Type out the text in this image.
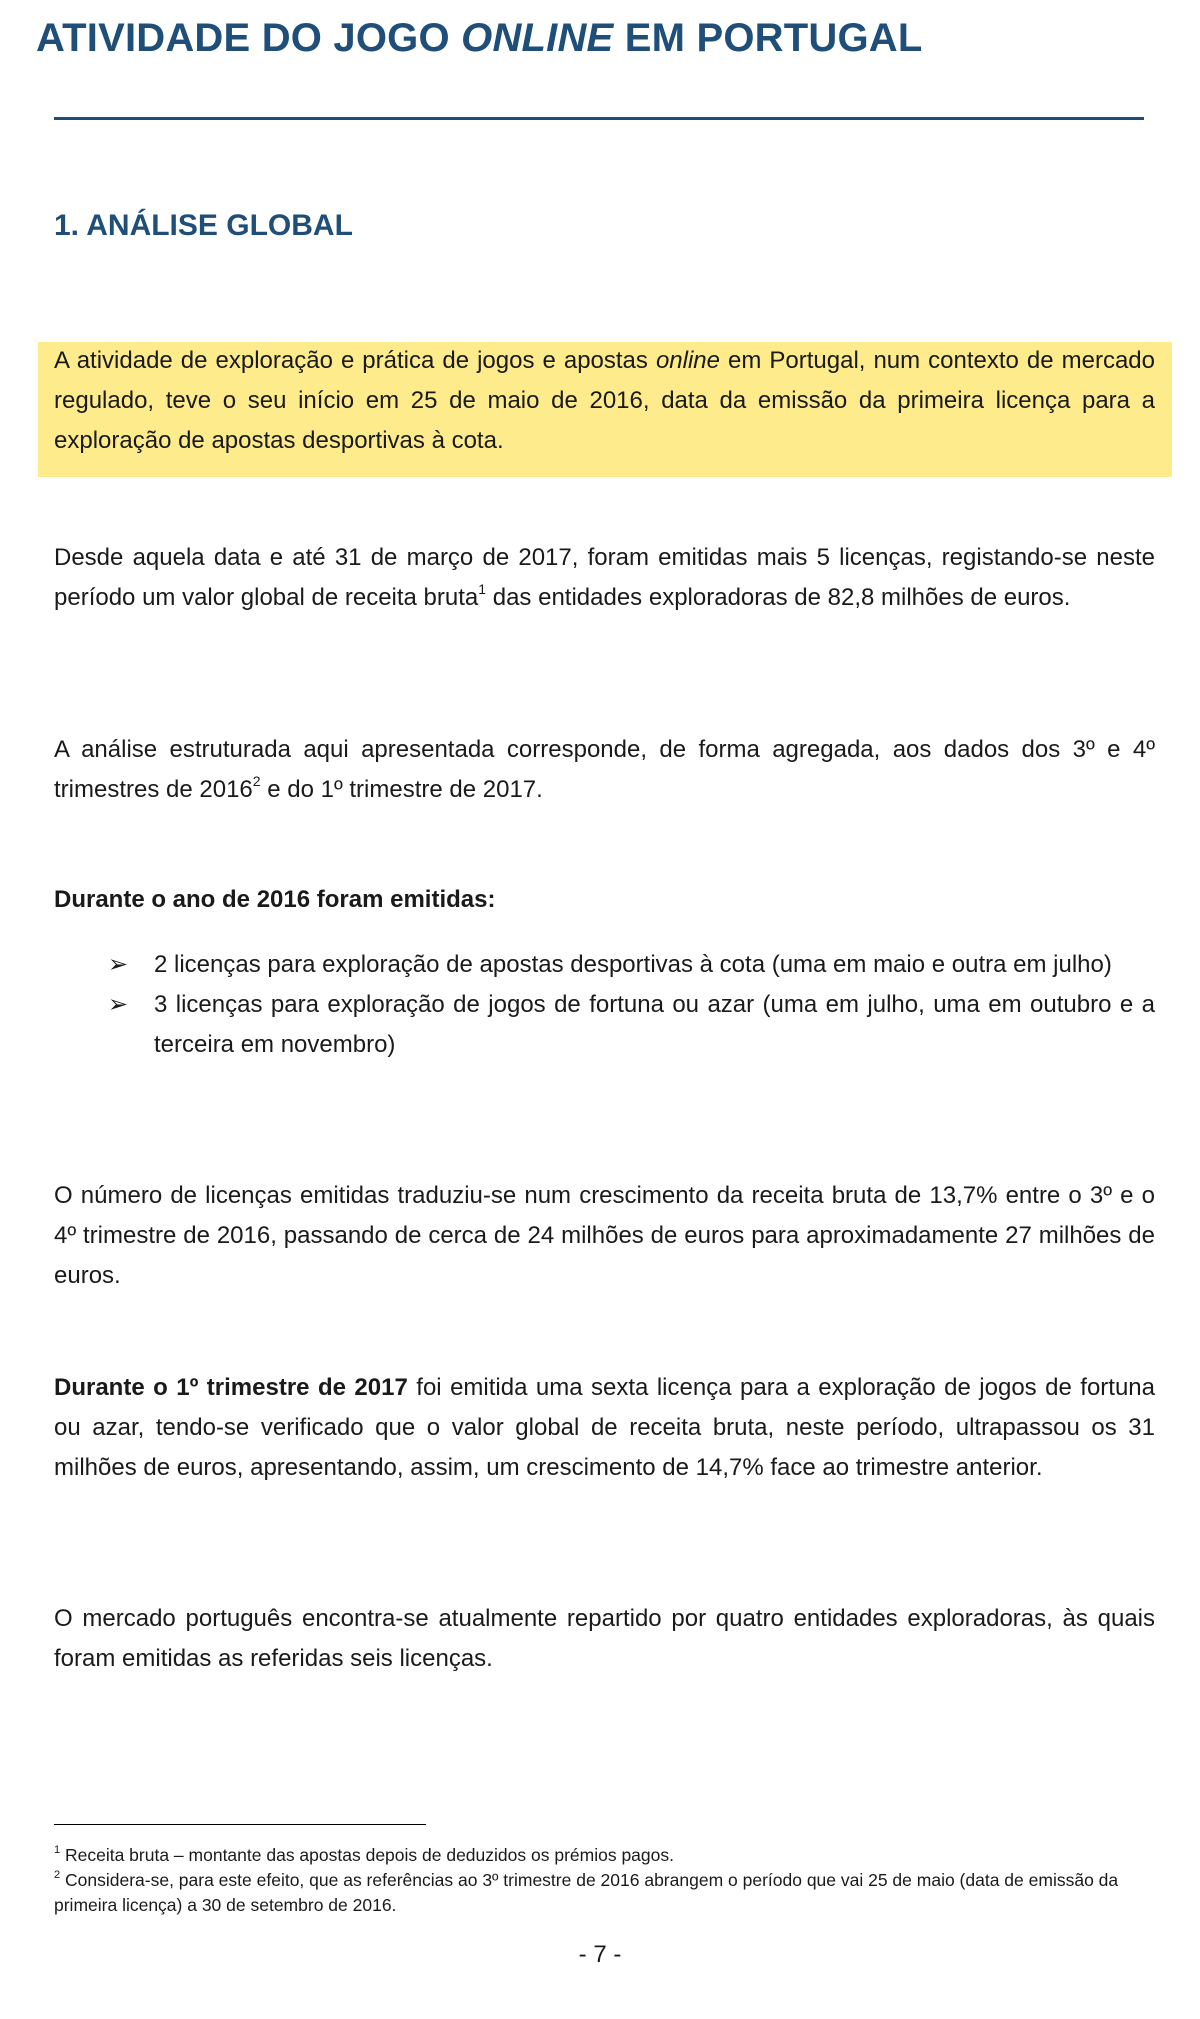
ATIVIDADE DO JOGO ONLINE EM PORTUGAL
1. ANÁLISE GLOBAL

A atividade de exploração e prática de jogos e apostas online em Portugal, num contexto de mercado regulado, teve o seu início em 25 de maio de 2016, data da emissão da primeira licença para a exploração de apostas desportivas à cota.

Desde aquela data e até 31 de março de 2017, foram emitidas mais 5 licenças, registando-se neste período um valor global de receita bruta$^1$ das entidades exploradoras de 82,8 milhões de euros.

A análise estruturada aqui apresentada corresponde, de forma agregada, aos dados dos 3º e 4º trimestres de 2016$^2$ e do 1º trimestre de 2017.

Durante o ano de 2016 foram emitidas:

➢ 2 licenças para exploração de apostas desportivas à cota (uma em maio e outra em julho)
➢ 3 licenças para exploração de jogos de fortuna ou azar (uma em julho, uma em outubro e a terceira em novembro)

O número de licenças emitidas traduziu-se num crescimento da receita bruta de 13,7% entre o 3º e o 4º trimestre de 2016, passando de cerca de 24 milhões de euros para aproximadamente 27 milhões de euros.

Durante o 1º trimestre de 2017 foi emitida uma sexta licença para a exploração de jogos de fortuna ou azar, tendo-se verificado que o valor global de receita bruta, neste período, ultrapassou os 31 milhões de euros, apresentando, assim, um crescimento de 14,7% face ao trimestre anterior.

O mercado português encontra-se atualmente repartido por quatro entidades exploradoras, às quais foram emitidas as referidas seis licenças.

$^1$ Receita bruta – montante das apostas depois de deduzidos os prémios pagos.

$^2$ Considera-se, para este efeito, que as referências ao 3º trimestre de 2016 abrangem o período que vai 25 de maio (data de emissão da primeira licença) a 30 de setembro de 2016.

- 7 -
